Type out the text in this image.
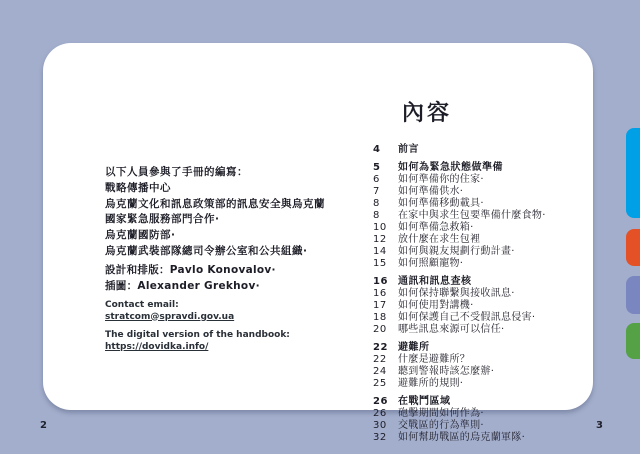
以下人員參與了手冊的編寫：
戰略傳播中心
烏克蘭文化和訊息政策部的訊息安全與烏克蘭
國家緊急服務部門合作·
烏克蘭國防部·
烏克蘭武裝部隊總司令辦公室和公共組織·
設計和排版：Pavlo Konovalov·
插圖：Alexander Grekhov·
Contact email:
stratcom@spravdi.gov.ua
The digital version of the handbook:
https://dovidka.info/
內容
4	前言
5	如何為緊急狀態做準備
6	如何準備你的住家·
7	如何準備供水·
8	如何準備移動載具·
8	在家中與求生包要準備什麼食物·
10	如何準備急救箱·
12	放什麼在求生包裡
14	如何與親友規劃行動計畫·
15	如何照顧寵物·
16	通訊和訊息查核
16	如何保持聯繫與接收訊息·
17	如何使用對講機·
18	如何保護自己不受假訊息侵害·
20	哪些訊息來源可以信任·
22	避難所
22	什麼是避難所？
24	聽到警報時該怎麼辦·
25	避難所的規則·
26	在戰鬥區域
26	砲擊期間如何作為·
30	交戰區的行為準則·
32	如何幫助戰區的烏克蘭軍隊·
2	3
